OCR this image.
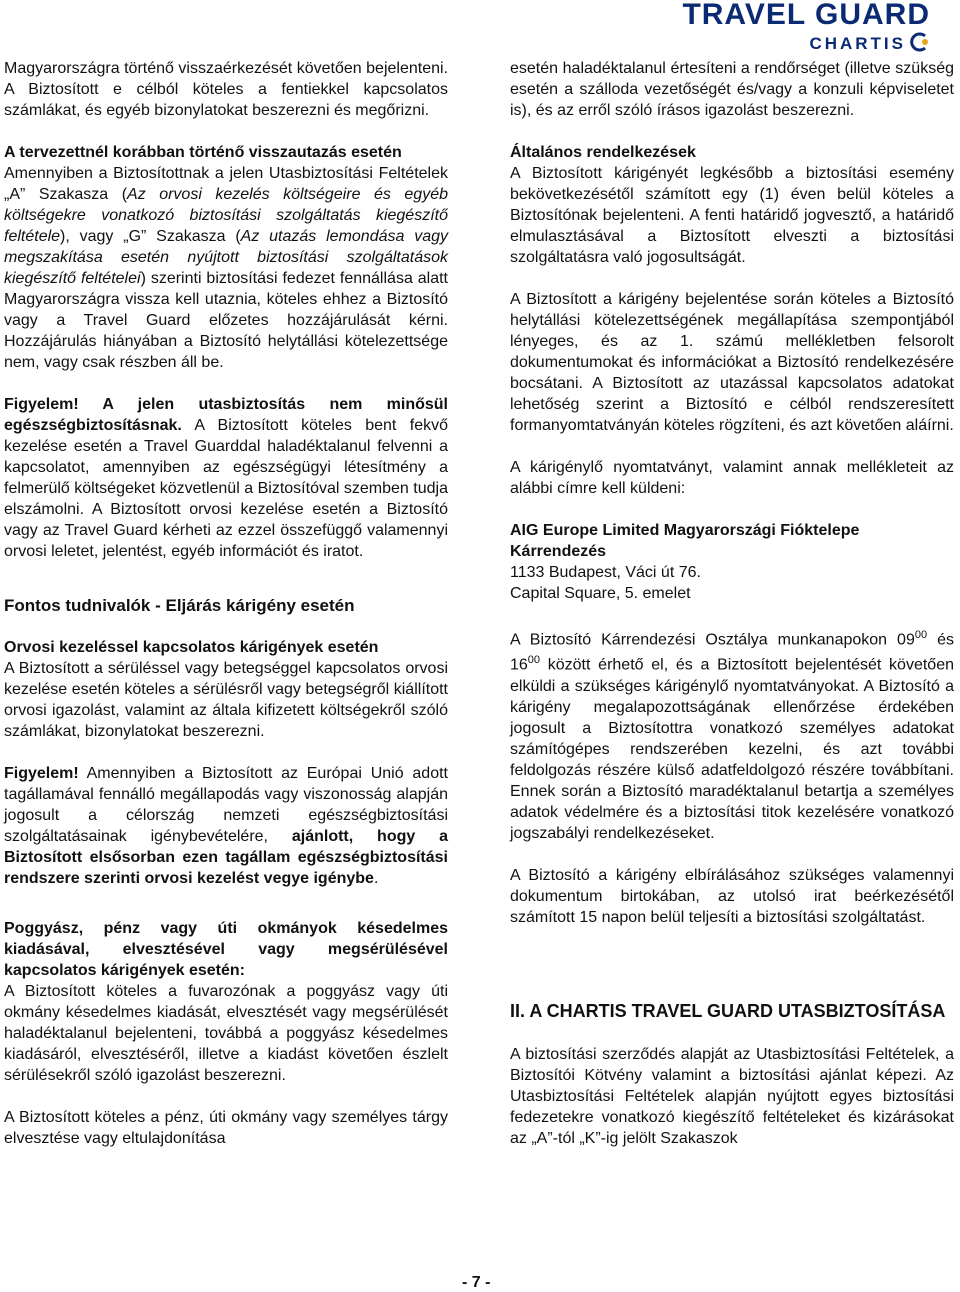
TRAVEL GUARD
CHARTIS

Magyarországra történő visszaérkezését követően bejelenteni. A Biztosított e célból köteles a fentiekkel kapcsolatos számlákat, és egyéb bizonylatokat beszerezni és megőrizni.

A tervezettnél korábban történő visszautazás esetén

Amennyiben a Biztosítottnak a jelen Utasbiztosítási Feltételek „A” Szakasza (Az orvosi kezelés költségeire és egyéb költségekre vonatkozó biztosítási szolgáltatás kiegészítő feltétele), vagy „G” Szakasza (Az utazás lemondása vagy megszakítása esetén nyújtott biztosítási szolgáltatások kiegészítő feltételei) szerinti biztosítási fedezet fennállása alatt Magyarországra vissza kell utaznia, köteles ehhez a Biztosító vagy a Travel Guard előzetes hozzájárulását kérni. Hozzájárulás hiányában a Biztosító helytállási kötelezettsége nem, vagy csak részben áll be.

Figyelem! A jelen utasbiztosítás nem minősül egészségbiztosításnak. A Biztosított köteles bent fekvő kezelése esetén a Travel Guarddal haladéktalanul felvenni a kapcsolatot, amennyiben az egészségügyi létesítmény a felmerülő költségeket közvetlenül a Biztosítóval szemben tudja elszámolni. A Biztosított orvosi kezelése esetén a Biztosító vagy az Travel Guard kérheti az ezzel összefüggő valamennyi orvosi leletet, jelentést, egyéb információt és iratot.

Fontos tudnivalók - Eljárás kárigény esetén
Orvosi kezeléssel kapcsolatos kárigények esetén

A Biztosított a sérüléssel vagy betegséggel kapcsolatos orvosi kezelése esetén köteles a sérülésről vagy betegségről kiállított orvosi igazolást, valamint az általa kifizetett költségekről szóló számlákat, bizonylatokat beszerezni.

Figyelem! Amennyiben a Biztosított az Európai Unió adott tagállamával fennálló megállapodás vagy viszonosság alapján jogosult a célország nemzeti egészségbiztosítási szolgáltatásainak igénybevételére, ajánlott, hogy a Biztosított elsősorban ezen tagállam egészségbiztosítási rendszere szerinti orvosi kezelést vegye igénybe.

Poggyász, pénz vagy úti okmányok késedelmes kiadásával, elvesztésével vagy megsérülésével kapcsolatos kárigények esetén:

A Biztosított köteles a fuvarozónak a poggyász vagy úti okmány késedelmes kiadását, elvesztését vagy megsérülését haladéktalanul bejelenteni, továbbá a poggyász késedelmes kiadásáról, elvesztéséről, illetve a kiadást követően észlelt sérülésekről szóló igazolást beszerezni.

A Biztosított köteles a pénz, úti okmány vagy személyes tárgy elvesztése vagy eltulajdonítása

esetén haladéktalanul értesíteni a rendőrséget (illetve szükség esetén a szálloda vezetőségét és/vagy a konzuli képviseletet is), és az erről szóló írásos igazolást beszerezni.

Általános rendelkezések

A Biztosított kárigényét legkésőbb a biztosítási esemény bekövetkezésétől számított egy (1) éven belül köteles a Biztosítónak bejelenteni. A fenti határidő jogvesztő, a határidő elmulasztásával a Biztosított elveszti a biztosítási szolgáltatásra való jogosultságát.

A Biztosított a kárigény bejelentése során köteles a Biztosító helytállási kötelezettségének megállapítása szempontjából lényeges, és az 1. számú mellékletben felsorolt dokumentumokat és információkat a Biztosító rendelkezésére bocsátani. A Biztosított az utazással kapcsolatos adatokat lehetőség szerint a Biztosító e célból rendszeresített formanyomtatványán köteles rögzíteni, és azt követően aláírni.

A kárigénylő nyomtatványt, valamint annak mellékleteit az alábbi címre kell küldeni:

AIG Europe Limited Magyarországi Fióktelepe Kárrendezés

1133 Budapest, Váci út 76.

Capital Square, 5. emelet

A Biztosító Kárrendezési Osztálya munkanapokon $09^{00}$ és $16^{00}$ között érhető el, és a Biztosított bejelentését követően elküldi a szükséges kárigénylő nyomtatványokat. A Biztosító a kárigény megalapozottságának ellenőrzése érdekében jogosult a Biztosítottra vonatkozó személyes adatokat számítógépes rendszerében kezelni, és azt további feldolgozás részére külső adatfeldolgozó részére továbbítani. Ennek során a Biztosító maradéktalanul betartja a személyes adatok védelmére és a biztosítási titok kezelésére vonatkozó jogszabályi rendelkezéseket.

A Biztosító a kárigény elbírálásához szükséges valamennyi dokumentum birtokában, az utolsó irat beérkezésétől számított 15 napon belül teljesíti a biztosítási szolgáltatást.

II. A CHARTIS TRAVEL GUARD UTASBIZTOSÍTÁSA

A biztosítási szerződés alapját az Utasbiztosítási Feltételek, a Biztosítói Kötvény valamint a biztosítási ajánlat képezi. Az Utasbiztosítási Feltételek alapján nyújtott egyes biztosítási fedezetekre vonatkozó kiegészítő feltételeket és kizárásokat az „A”-tól „K”-ig jelölt Szakaszok

- 7 -
